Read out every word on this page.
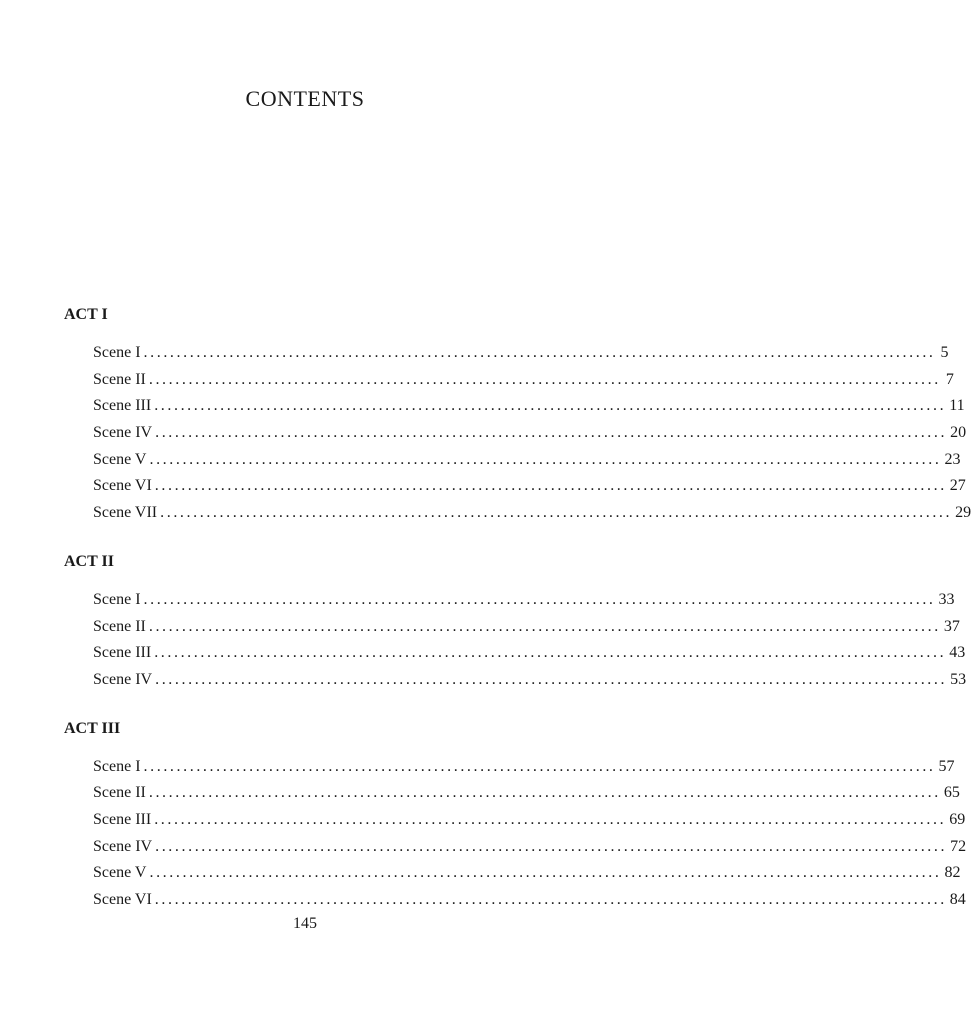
CONTENTS
ACT I
Scene I ........................................................................................................................ 5
Scene II ........................................................................................................................ 7
Scene III ........................................................................................................................ 11
Scene IV ........................................................................................................................ 20
Scene V ........................................................................................................................ 23
Scene VI ........................................................................................................................ 27
Scene VII ........................................................................................................................ 29
ACT II
Scene I ........................................................................................................................ 33
Scene II ........................................................................................................................ 37
Scene III ........................................................................................................................ 43
Scene IV ........................................................................................................................ 53
ACT III
Scene I ........................................................................................................................ 57
Scene II ........................................................................................................................ 65
Scene III ........................................................................................................................ 69
Scene IV ........................................................................................................................ 72
Scene V ........................................................................................................................ 82
Scene VI ........................................................................................................................ 84
145
